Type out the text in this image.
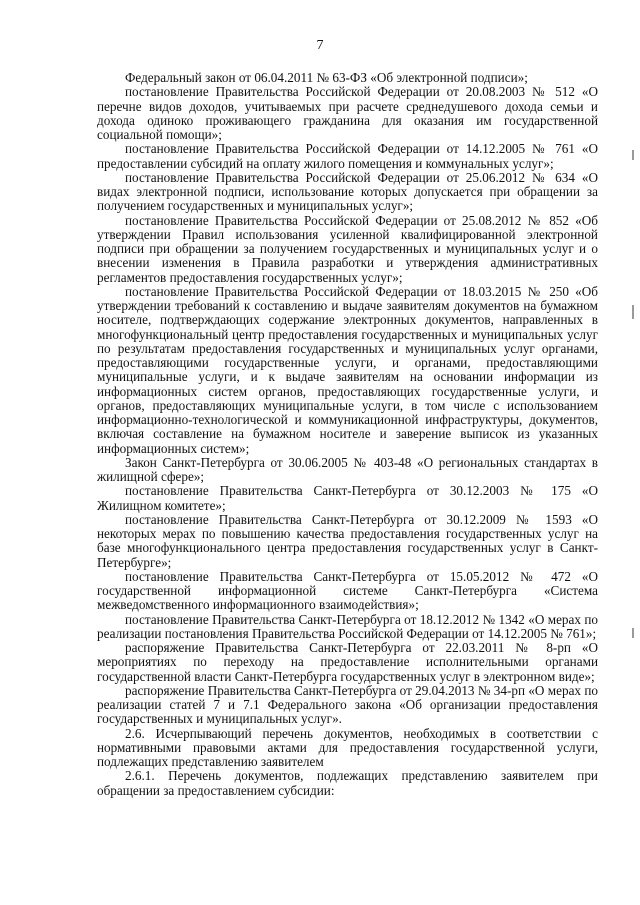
7

Федеральный закон от 06.04.2011 № 63-ФЗ «Об электронной подписи»;

постановление Правительства Российской Федерации от 20.08.2003 № 512 «О перечне видов доходов, учитываемых при расчете среднедушевого дохода семьи и дохода одиноко проживающего гражданина для оказания им государственной социальной помощи»;

постановление Правительства Российской Федерации от 14.12.2005 № 761 «О предоставлении субсидий на оплату жилого помещения и коммунальных услуг»;

постановление Правительства Российской Федерации от 25.06.2012 № 634 «О видах электронной подписи, использование которых допускается при обращении за получением государственных и муниципальных услуг»;

постановление Правительства Российской Федерации от 25.08.2012 № 852 «Об утверждении Правил использования усиленной квалифицированной электронной подписи при обращении за получением государственных и муниципальных услуг и о внесении изменения в Правила разработки и утверждения административных регламентов предоставления государственных услуг»;

постановление Правительства Российской Федерации от 18.03.2015 № 250 «Об утверждении требований к составлению и выдаче заявителям документов на бумажном носителе, подтверждающих содержание электронных документов, направленных в многофункциональный центр предоставления государственных и муниципальных услуг по результатам предоставления государственных и муниципальных услуг органами, предоставляющими государственные услуги, и органами, предоставляющими муниципальные услуги, и к выдаче заявителям на основании информации из информационных систем органов, предоставляющих государственные услуги, и органов, предоставляющих муниципальные услуги, в том числе с использованием информационно-технологической и коммуникационной инфраструктуры, документов, включая составление на бумажном носителе и заверение выписок из указанных информационных систем»;

Закон Санкт-Петербурга от 30.06.2005 № 403-48 «О региональных стандартах в жилищной сфере»;

постановление Правительства Санкт-Петербурга от 30.12.2003 № 175 «О Жилищном комитете»;

постановление Правительства Санкт-Петербурга от 30.12.2009 № 1593 «О некоторых мерах по повышению качества предоставления государственных услуг на базе многофункционального центра предоставления государственных услуг в Санкт-Петербурге»;

постановление Правительства Санкт-Петербурга от 15.05.2012 № 472 «О государственной информационной системе Санкт-Петербурга «Система межведомственного информационного взаимодействия»;

постановление Правительства Санкт-Петербурга от 18.12.2012 № 1342 «О мерах по реализации постановления Правительства Российской Федерации от 14.12.2005 № 761»;

распоряжение Правительства Санкт-Петербурга от 22.03.2011 № 8-рп «О мероприятиях по переходу на предоставление исполнительными органами государственной власти Санкт-Петербурга государственных услуг в электронном виде»;

распоряжение Правительства Санкт-Петербурга от 29.04.2013 № 34-рп «О мерах по реализации статей 7 и 7.1 Федерального закона «Об организации предоставления государственных и муниципальных услуг».

2.6. Исчерпывающий перечень документов, необходимых в соответствии с нормативными правовыми актами для предоставления государственной услуги, подлежащих представлению заявителем

2.6.1. Перечень документов, подлежащих представлению заявителем при обращении за предоставлением субсидии:
